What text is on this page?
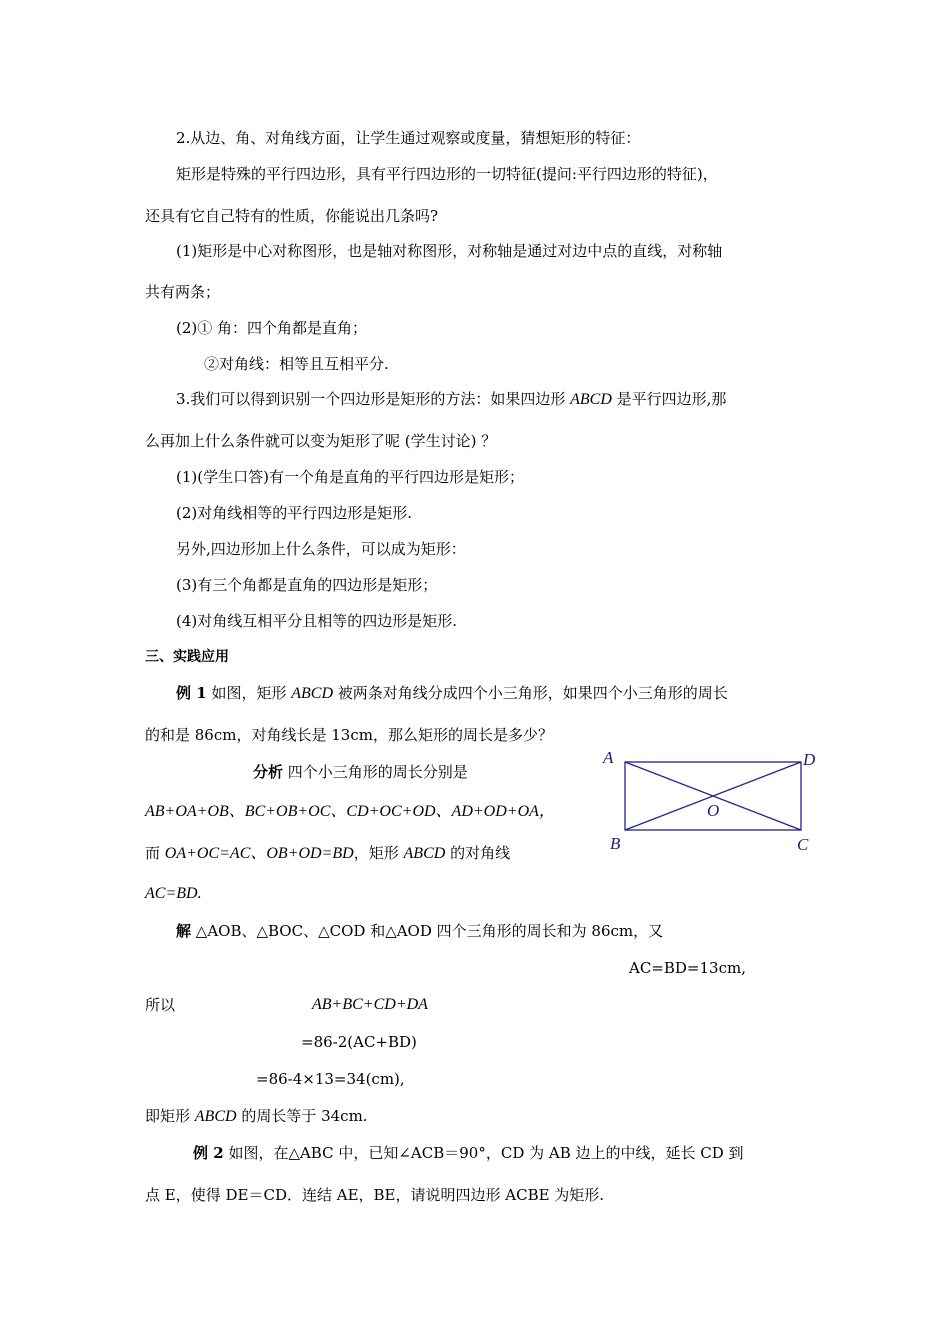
2.从边、角、对角线方面，让学生通过观察或度量，猜想矩形的特征：
矩形是特殊的平行四边形，具有平行四边形的一切特征(提问:平行四边形的特征)，
还具有它自己特有的性质，你能说出几条吗?
(1)矩形是中心对称图形，也是轴对称图形，对称轴是通过对边中点的直线，对称轴
共有两条；
(2)① 角：四个角都是直角；
②对角线：相等且互相平分.
3.我们可以得到识别一个四边形是矩形的方法：如果四边形 ABCD 是平行四边形,那
么再加上什么条件就可以变为矩形了呢 (学生讨论) ？
(1)(学生口答)有一个角是直角的平行四边形是矩形；
(2)对角线相等的平行四边形是矩形.
另外,四边形加上什么条件，可以成为矩形：
(3)有三个角都是直角的四边形是矩形；
(4)对角线互相平分且相等的四边形是矩形.
三、实践应用
例 1 如图，矩形 ABCD 被两条对角线分成四个小三角形，如果四个小三角形的周长
的和是 86cm，对角线长是 13cm，那么矩形的周长是多少？
分析 四个小三角形的周长分别是
AB+OA+OB、BC+OB+OC、CD+OC+OD、AD+OD+OA，
而 OA+OC=AC、OB+OD=BD，矩形 ABCD 的对角线
AC=BD.
A	D
O
B	C
解 △AOB、△BOC、△COD 和△AOD 四个三角形的周长和为 86cm，又
AC=BD=13cm,
所以	AB+BC+CD+DA
=86-2(AC+BD)
=86-4×13=34(cm),
即矩形 ABCD 的周长等于 34cm.
例 2 如图，在△ABC 中，已知∠ACB＝90°，CD 为 AB 边上的中线，延长 CD 到
点 E，使得 DE＝CD．连结 AE，BE，请说明四边形 ACBE 为矩形.
